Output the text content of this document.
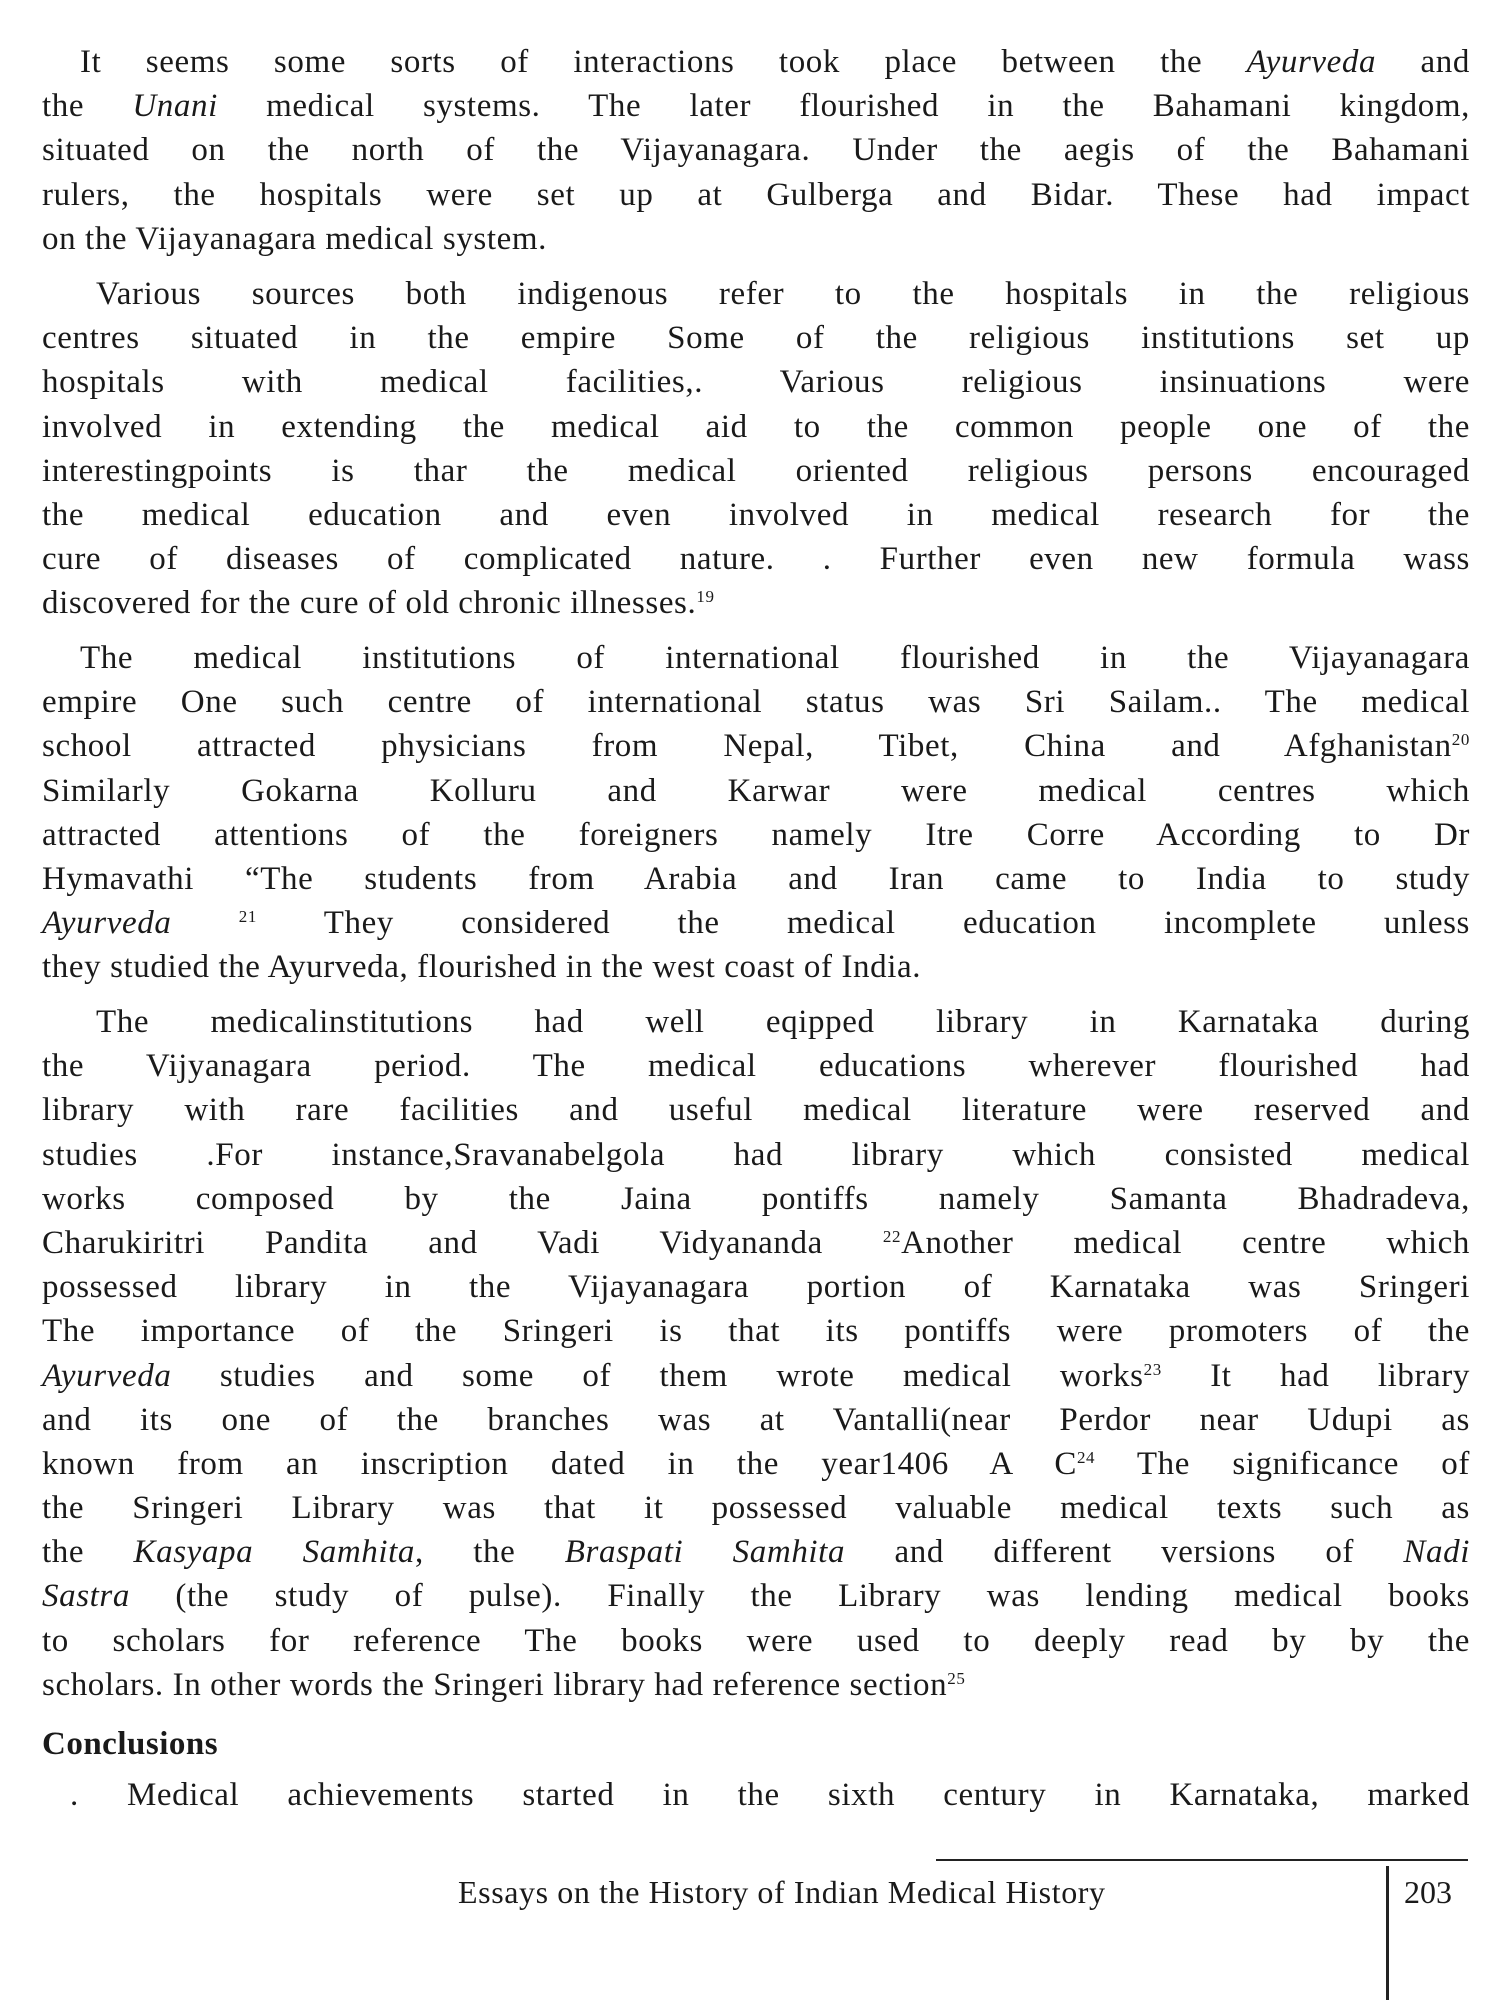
It seems some sorts of interactions took place between the Ayurveda and
the Unani medical systems. The later flourished in the Bahamani kingdom,
situated on the north of the Vijayanagara. Under the aegis of the Bahamani
rulers, the hospitals were set up at Gulberga and Bidar. These had impact
on the Vijayanagara medical system.
Various sources both indigenous refer to the hospitals in the religious
centres situated in the empire Some of the religious institutions set up
hospitals with medical facilities,. Various religious insinuations were
involved in extending the medical aid to the common people one of the
interestingpoints is thar the medical oriented religious persons encouraged
the medical education and even involved in medical research for the
cure of diseases of complicated nature. . Further even new formula wass
discovered for the cure of old chronic illnesses.$^{19}$
The medical institutions of international flourished in the Vijayanagara
empire One such centre of international status was Sri Sailam.. The medical
school attracted physicians from Nepal, Tibet, China and Afghanistan$^{20}$
Similarly Gokarna Kolluru and Karwar were medical centres which
attracted attentions of the foreigners namely Itre Corre According to Dr
Hymavathi “The students from Arabia and Iran came to India to study
Ayurveda	$^{21}$ They considered the medical education incomplete unless
they studied the Ayurveda, flourished in the west coast of India.
The medicalinstitutions had well eqipped library in Karnataka during
the Vijyanagara period. The medical educations wherever flourished had
library with rare facilities and useful medical literature were reserved and
studies .For instance,Sravanabelgola had library which consisted medical
works composed by the Jaina pontiffs namely Samanta Bhadradeva,
Charukiritri Pandita and Vadi Vidyananda $^{22}$Another medical centre which
possessed library in the Vijayanagara portion of Karnataka was Sringeri
The importance of the Sringeri is that its pontiffs were promoters of the
Ayurveda studies and some of them wrote medical works$^{23}$ It had library
and its one of the branches was at Vantalli(near Perdor near Udupi as
known from an inscription dated in the year1406 A $C^{24}$ The significance of
the Sringeri Library was that it possessed valuable medical texts such as
the Kasyapa Samhita, the Braspati Samhita and different versions of Nadi
Sastra (the study of pulse). Finally the Library was lending medical books
to scholars for reference The books were used to deeply read by by the
scholars. In other words the Sringeri library had reference section$^{25}$
Conclusions
. Medical achievements started in the sixth century in Karnataka, marked
Essays on the History of Indian Medical History	203
